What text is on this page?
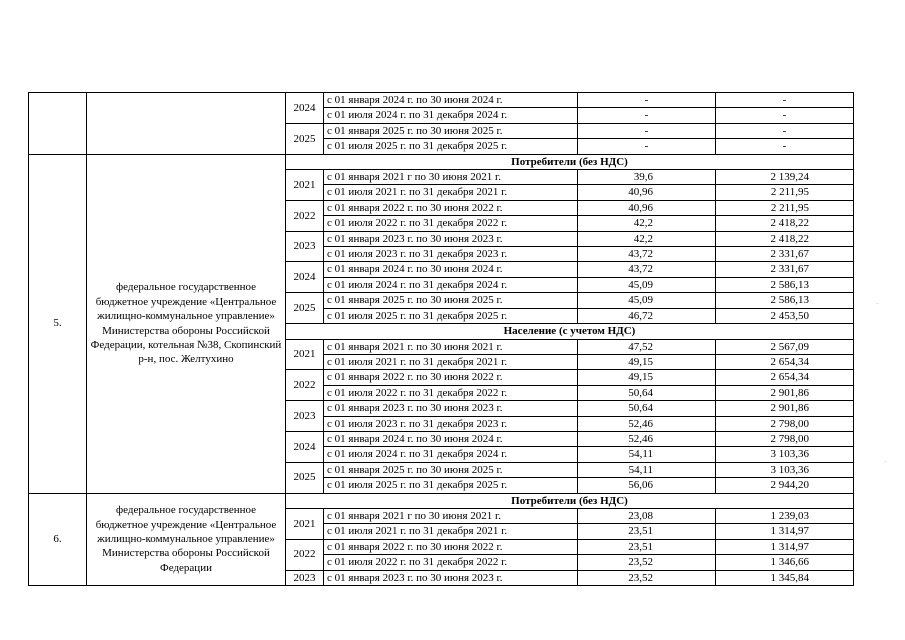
		2024	с 01 января 2024 г. по 30 июня 2024 г.	-	-
			с 01 июля 2024 г. по 31 декабря 2024 г.	-	-
		2025	с 01 января 2025 г. по 30 июня 2025 г.	-	-
			с 01 июля 2025 г. по 31 декабря 2025 г.	-	-
5.	федеральное государственное бюджетное учреждение «Центральное жилищно-коммунальное управление» Министерства обороны Российской Федерации, котельная №38, Скопинский р-н, пос. Желтухино	Потребители (без НДС)			
		2021	с 01 января 2021 г по 30 июня 2021 г.	39,6	2 139,24
			с 01 июля 2021 г. по 31 декабря 2021 г.	40,96	2 211,95
		2022	с 01 января 2022 г. по 30 июня 2022 г.	40,96	2 211,95
			с 01 июля 2022 г. по 31 декабря 2022 г.	42,2	2 418,22
		2023	с 01 января 2023 г. по 30 июня 2023 г.	42,2	2 418,22
			с 01 июля 2023 г. по 31 декабря 2023 г.	43,72	2 331,67
		2024	с 01 января 2024 г. по 30 июня 2024 г.	43,72	2 331,67
			с 01 июля 2024 г. по 31 декабря 2024 г.	45,09	2 586,13
		2025	с 01 января 2025 г. по 30 июня 2025 г.	45,09	2 586,13
			с 01 июля 2025 г. по 31 декабря 2025 г.	46,72	2 453,50
		Население (с учетом НДС)			
		2021	с 01 января 2021 г. по 30 июня 2021 г.	47,52	2 567,09
			с 01 июля 2021 г. по 31 декабря 2021 г.	49,15	2 654,34
		2022	с 01 января 2022 г. по 30 июня 2022 г.	49,15	2 654,34
			с 01 июля 2022 г. по 31 декабря 2022 г.	50,64	2 901,86
		2023	с 01 января 2023 г. по 30 июня 2023 г.	50,64	2 901,86
			с 01 июля 2023 г. по 31 декабря 2023 г.	52,46	2 798,00
		2024	с 01 января 2024 г. по 30 июня 2024 г.	52,46	2 798,00
			с 01 июля 2024 г. по 31 декабря 2024 г.	54,11	3 103,36
		2025	с 01 января 2025 г. по 30 июня 2025 г.	54,11	3 103,36
			с 01 июля 2025 г. по 31 декабря 2025 г.	56,06	2 944,20
6.	федеральное государственное бюджетное учреждение «Центральное жилищно-коммунальное управление» Министерства обороны Российской Федерации	Потребители (без НДС)			
		2021	с 01 января 2021 г по 30 июня 2021 г.	23,08	1 239,03
			с 01 июля 2021 г. по 31 декабря 2021 г.	23,51	1 314,97
		2022	с 01 января 2022 г. по 30 июня 2022 г.	23,51	1 314,97
			с 01 июля 2022 г. по 31 декабря 2022 г.	23,52	1 346,66
		2023	с 01 января 2023 г. по 30 июня 2023 г.	23,52	1 345,84
·
·
